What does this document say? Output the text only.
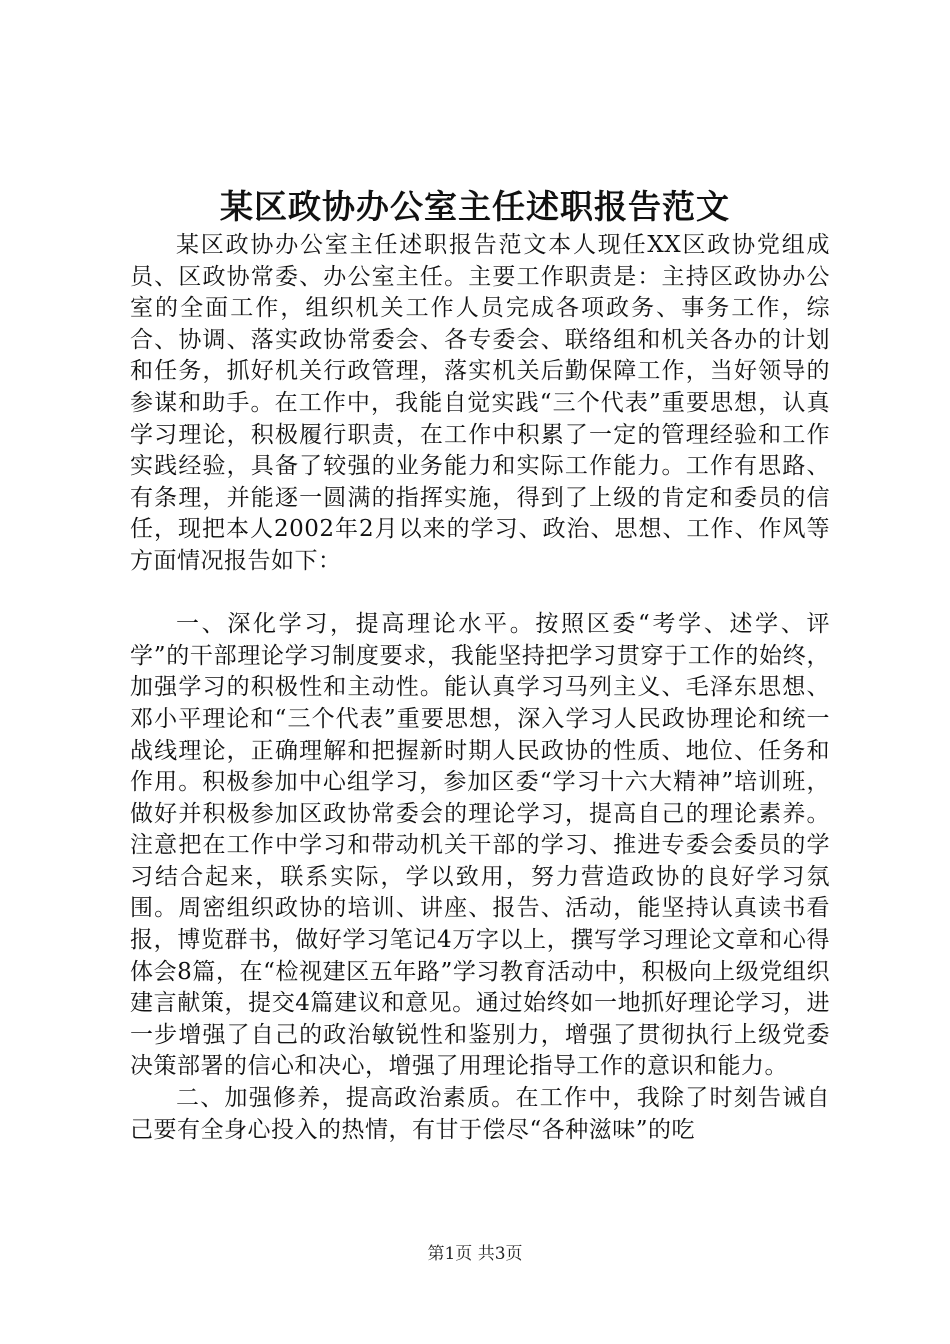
某区政协办公室主任述职报告范文

某区政协办公室主任述职报告范文本人现任XX区政协党组成员、区政协常委、办公室主任。主要工作职责是：主持区政协办公室的全面工作，组织机关工作人员完成各项政务、事务工作，综合、协调、落实政协常委会、各专委会、联络组和机关各办的计划和任务，抓好机关行政管理，落实机关后勤保障工作，当好领导的参谋和助手。在工作中，我能自觉实践“三个代表”重要思想，认真学习理论，积极履行职责，在工作中积累了一定的管理经验和工作实践经验，具备了较强的业务能力和实际工作能力。工作有思路、有条理，并能逐一圆满的指挥实施，得到了上级的肯定和委员的信任，现把本人2002年2月以来的学习、政治、思想、工作、作风等方面情况报告如下：

一、深化学习，提高理论水平。按照区委“考学、述学、评学”的干部理论学习制度要求，我能坚持把学习贯穿于工作的始终，加强学习的积极性和主动性。能认真学习马列主义、毛泽东思想、邓小平理论和“三个代表”重要思想，深入学习人民政协理论和统一战线理论，正确理解和把握新时期人民政协的性质、地位、任务和作用。积极参加中心组学习，参加区委“学习十六大精神”培训班，做好并积极参加区政协常委会的理论学习，提高自己的理论素养。注意把在工作中学习和带动机关干部的学习、推进专委会委员的学习结合起来，联系实际，学以致用，努力营造政协的良好学习氛围。周密组织政协的培训、讲座、报告、活动，能坚持认真读书看报，博览群书，做好学习笔记4万字以上，撰写学习理论文章和心得体会8篇，在“检视建区五年路”学习教育活动中，积极向上级党组织建言献策，提交4篇建议和意见。通过始终如一地抓好理论学习，进一步增强了自己的政治敏锐性和鉴别力，增强了贯彻执行上级党委决策部署的信心和决心，增强了用理论指导工作的意识和能力。

二、加强修养，提高政治素质。在工作中，我除了时刻告诫自己要有全身心投入的热情，有甘于偿尽“各种滋味”的吃

第1页 共3页
